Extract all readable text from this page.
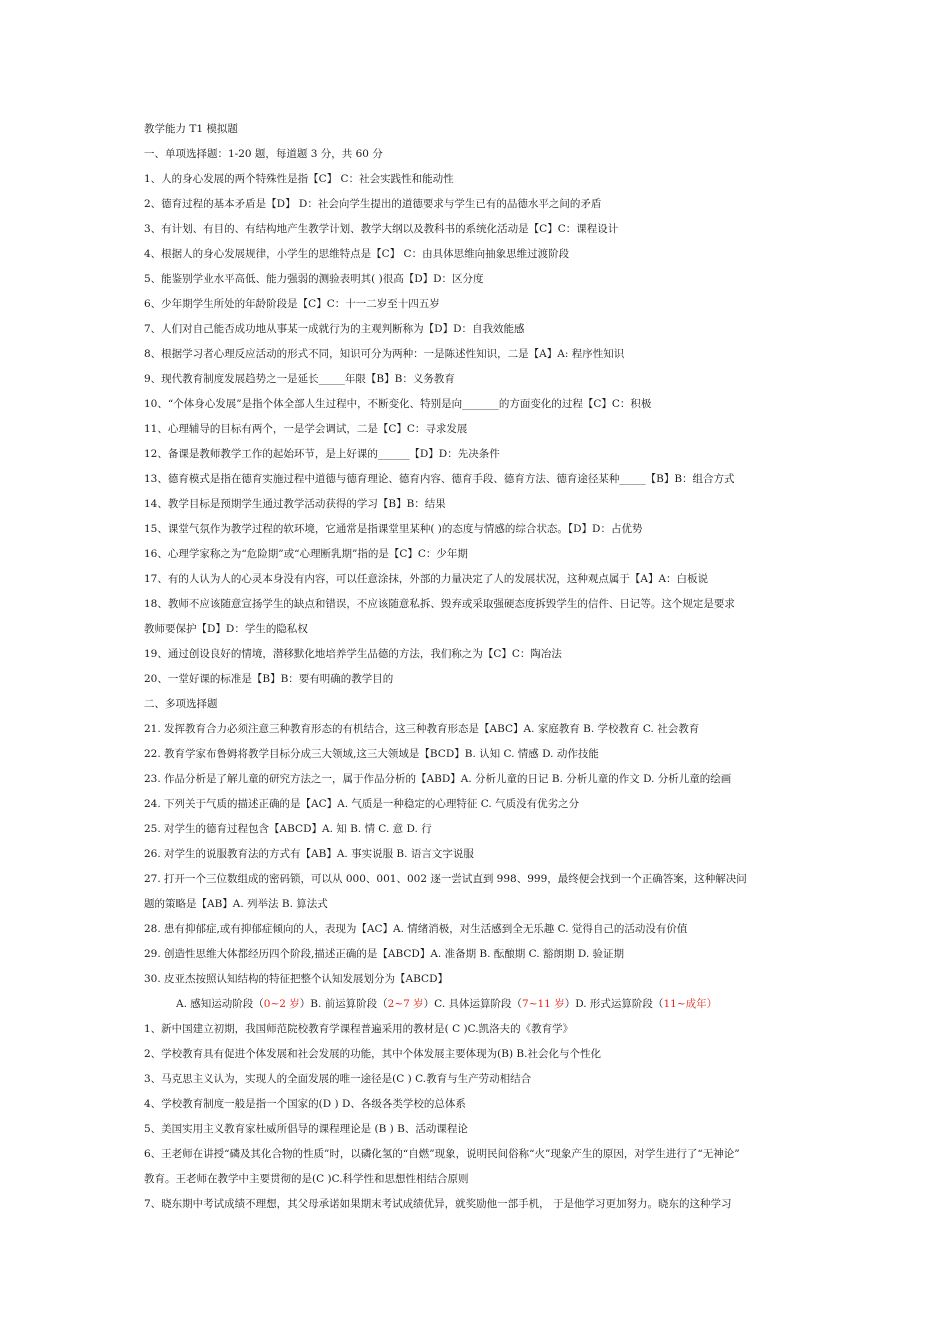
教学能力 T1 模拟题
一、单项选择题：1-20 题，每道题 3 分，共 60 分
1、人的身心发展的两个特殊性是指【C】 C：社会实践性和能动性
2、德育过程的基本矛盾是【D】 D：社会向学生提出的道德要求与学生已有的品德水平之间的矛盾
3、有计划、有目的、有结构地产生教学计划、教学大纲以及教科书的系统化活动是【C】C：课程设计
4、根据人的身心发展规律，小学生的思维特点是【C】 C：由具体思维向抽象思维过渡阶段
5、能鉴别学业水平高低、能力强弱的测验表明其( )很高【D】D：区分度
6、少年期学生所处的年龄阶段是【C】C：十一二岁至十四五岁
7、人们对自己能否成功地从事某一成就行为的主观判断称为【D】D：自我效能感
8、根据学习者心理反应活动的形式不同，知识可分为两种：一是陈述性知识，二是【A】A: 程序性知识
9、现代教育制度发展趋势之一是延长_____年限【B】B：义务教育
10、“个体身心发展”是指个体全部人生过程中，不断变化、特别是向_______的方面变化的过程【C】C：积极
11、心理辅导的目标有两个，一是学会调试，二是【C】C：寻求发展
12、备课是教师教学工作的起始环节，是上好课的______【D】D：先决条件
13、德育模式是指在德育实施过程中道德与德育理论、德育内容、德育手段、德育方法、德育途径某种_____【B】B：组合方式
14、教学目标是预期学生通过教学活动获得的学习【B】B：结果
15、课堂气氛作为教学过程的软环境，它通常是指课堂里某种( )的态度与情感的综合状态。【D】D：占优势
16、心理学家称之为“危险期”或“心理断乳期”指的是【C】C：少年期
17、有的人认为人的心灵本身没有内容，可以任意涂抹，外部的力量决定了人的发展状况，这种观点属于【A】A：白板说
18、教师不应该随意宣扬学生的缺点和错误，不应该随意私拆、毁弃或采取强硬态度拆毁学生的信件、日记等。这个规定是要求
教师要保护【D】D：学生的隐私权
19、通过创设良好的情境，潜移默化地培养学生品德的方法，我们称之为【C】C：陶冶法
20、一堂好课的标准是【B】B：要有明确的教学目的
二、多项选择题
21. 发挥教育合力必须注意三种教育形态的有机结合，这三种教育形态是【ABC】A. 家庭教育 B. 学校教育 C. 社会教育
22. 教育学家布鲁姆将教学目标分成三大领域,这三大领域是【BCD】B. 认知 C. 情感 D. 动作技能
23. 作品分析是了解儿童的研究方法之一，属于作品分析的【ABD】A. 分析儿童的日记 B. 分析儿童的作文 D. 分析儿童的绘画
24. 下列关于气质的描述正确的是【AC】A. 气质是一种稳定的心理特征 C. 气质没有优劣之分
25. 对学生的德育过程包含【ABCD】A. 知 B. 情 C. 意 D. 行
26. 对学生的说服教育法的方式有【AB】A. 事实说服 B. 语言文字说服
27. 打开一个三位数组成的密码锁，可以从 000、001、002 逐一尝试直到 998、999，最终便会找到一个正确答案，这种解决问
题的策略是【AB】A. 列举法 B. 算法式
28. 患有抑郁症,或有抑郁症倾向的人，表现为【AC】A. 情绪消极，对生活感到全无乐趣 C. 觉得自己的活动没有价值
29. 创造性思维大体都经历四个阶段,描述正确的是【ABCD】A. 准备期 B. 酝酿期 C. 豁朗期 D. 验证期
30. 皮亚杰按照认知结构的特征把整个认知发展划分为【ABCD】
A. 感知运动阶段（0~2 岁）B. 前运算阶段（2~7 岁）C. 具体运算阶段（7~11 岁）D. 形式运算阶段（11~成年）
1、新中国建立初期，我国师范院校教育学课程普遍采用的教材是( C )C.凯洛夫的《教育学》
2、学校教育具有促进个体发展和社会发展的功能，其中个体发展主要体现为(B) B.社会化与个性化
3、马克思主义认为，实现人的全面发展的唯一途径是(C ) C.教育与生产劳动相结合
4、学校教育制度一般是指一个国家的(D ) D、各级各类学校的总体系
5、美国实用主义教育家杜威所倡导的课程理论是 (B ) B、活动课程论
6、王老师在讲授“磷及其化合物的性质”时，以磷化氢的“自燃”现象，说明民间俗称“火”现象产生的原因，对学生进行了“无神论”
教育。王老师在教学中主要贯彻的是(C )C.科学性和思想性相结合原则
7、晓东期中考试成绩不理想，其父母承诺如果期末考试成绩优异，就奖励他一部手机， 于是他学习更加努力。晓东的这种学习
